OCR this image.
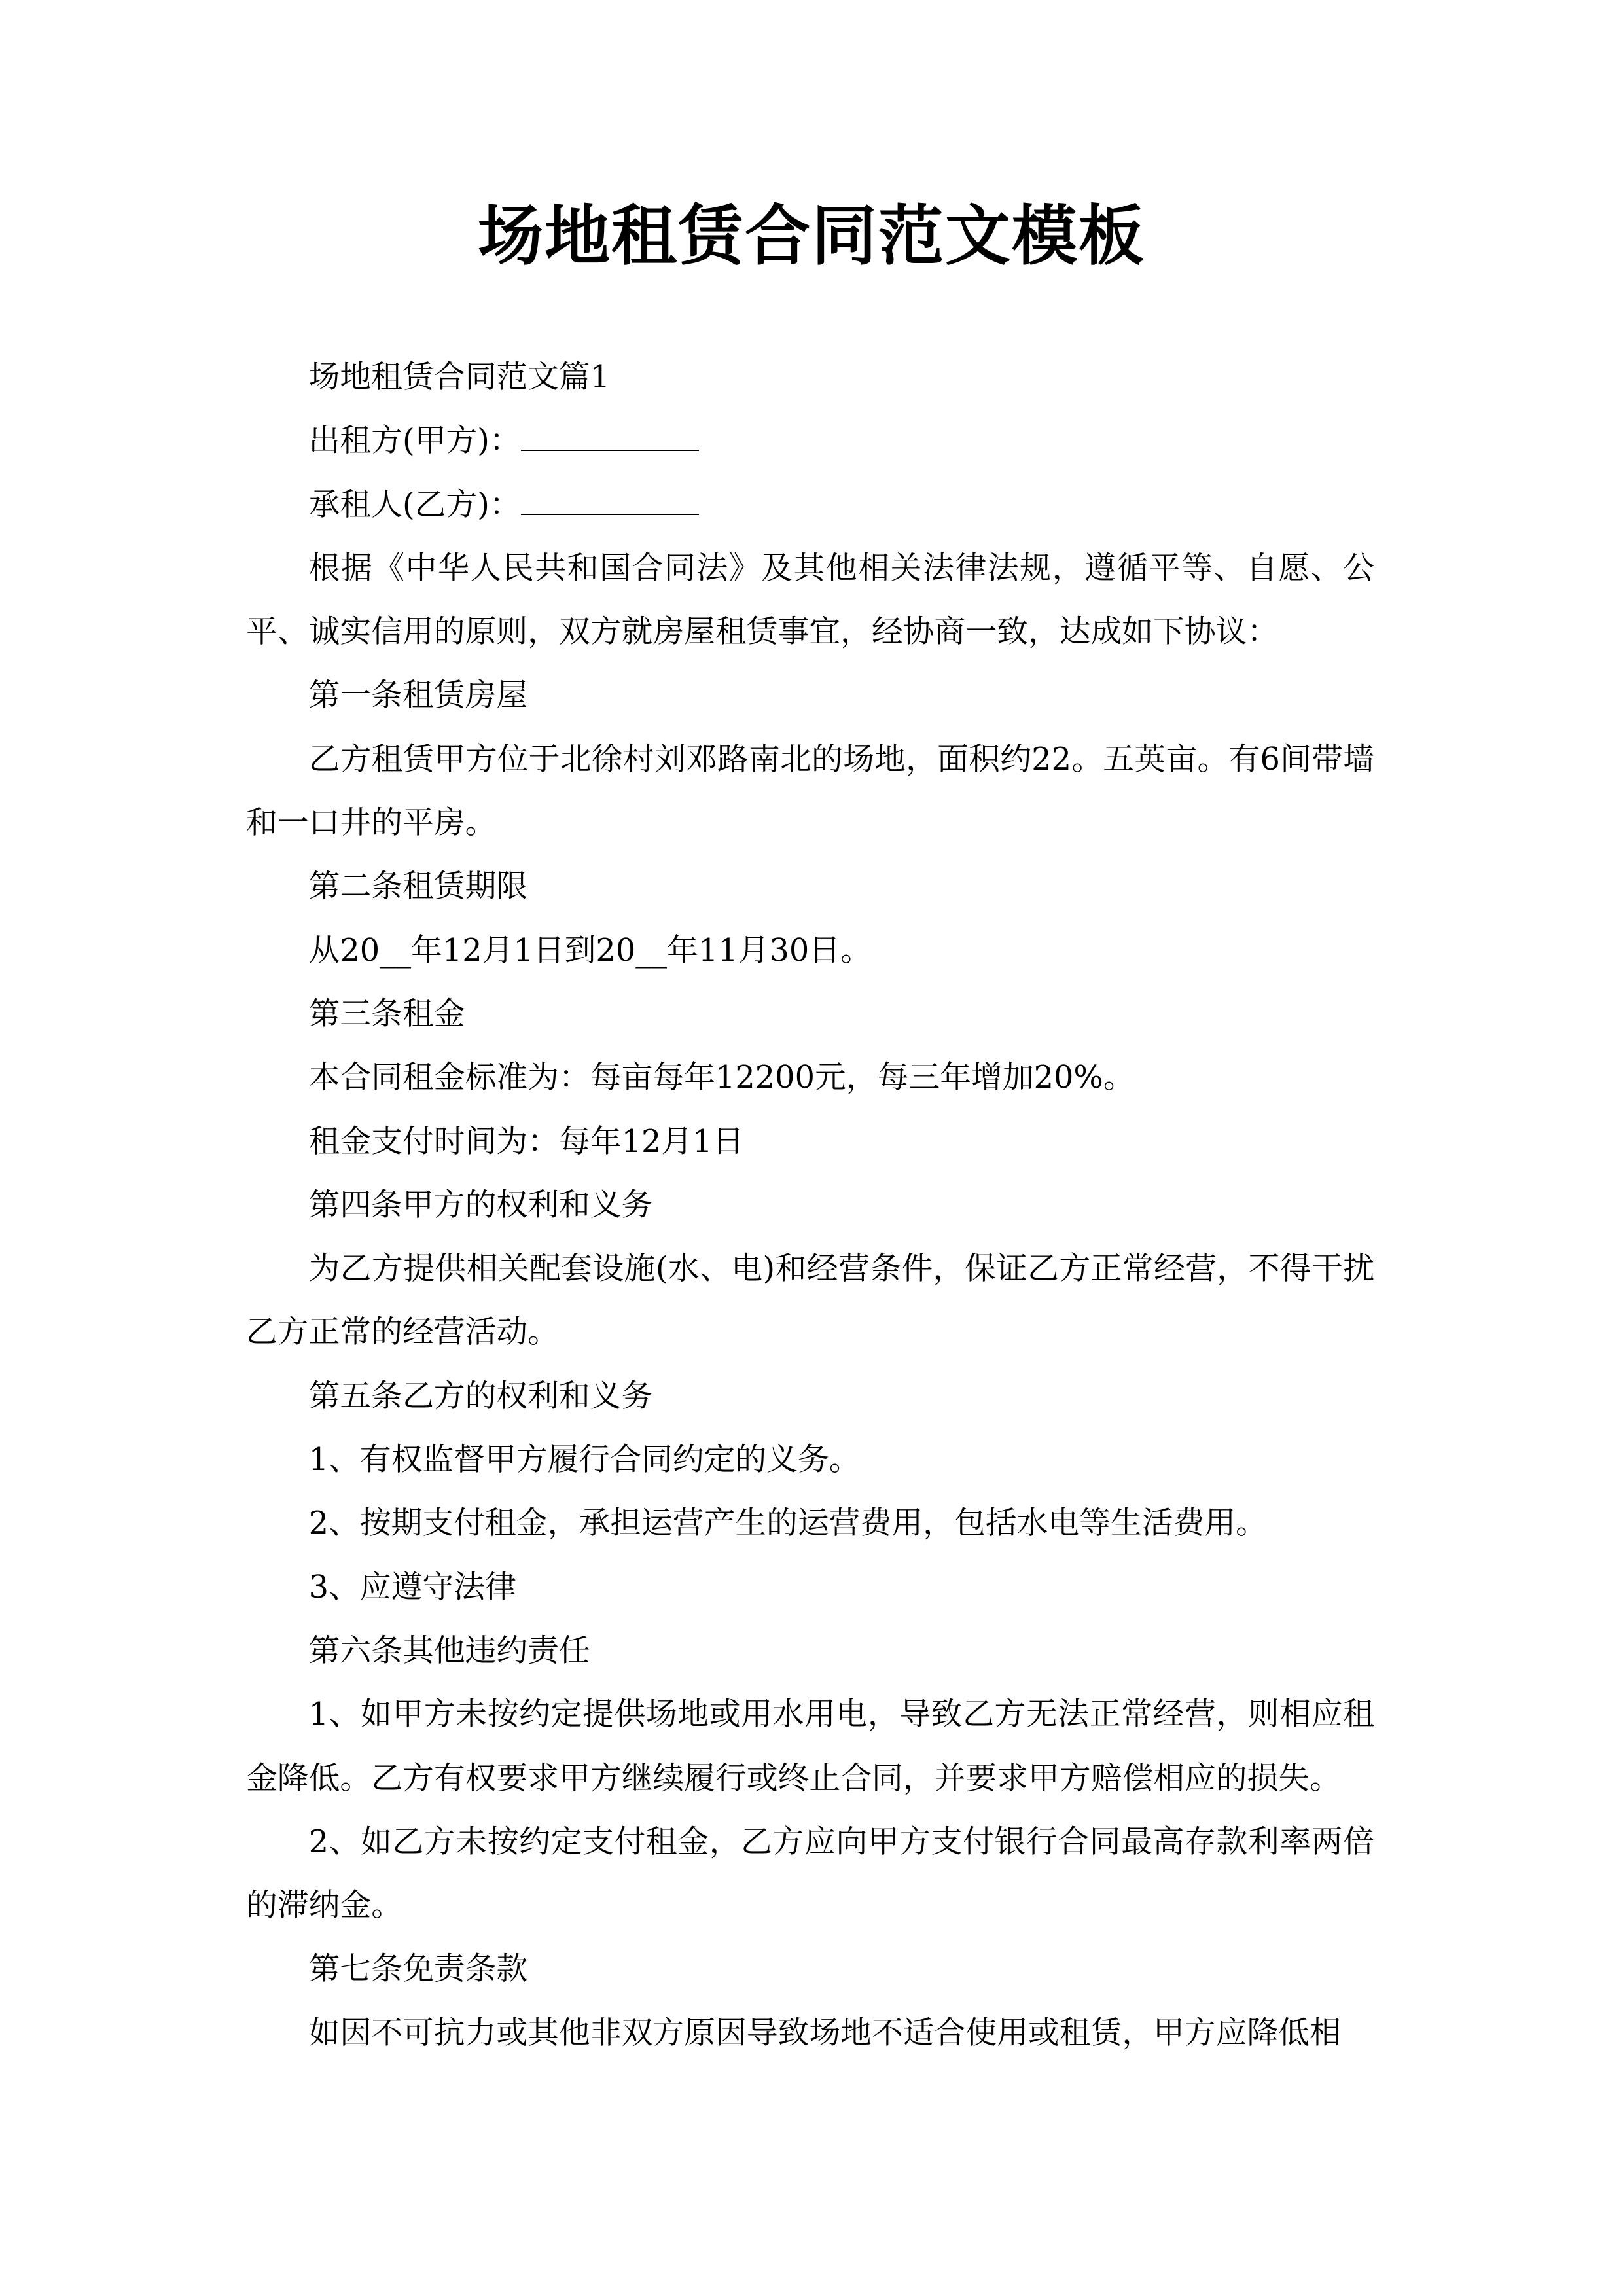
场地租赁合同范文模板

场地租赁合同范文篇1

出租方(甲方)：

承租人(乙方)：

根据《中华人民共和国合同法》及其他相关法律法规，遵循平等、自愿、公平、诚实信用的原则，双方就房屋租赁事宜，经协商一致，达成如下协议：

第一条租赁房屋

乙方租赁甲方位于北徐村刘邓路南北的场地，面积约22。五英亩。有6间带墙和一口井的平房。

第二条租赁期限

从20__年12月1日到20__年11月30日。

第三条租金

本合同租金标准为：每亩每年12200元，每三年增加20%。

租金支付时间为：每年12月1日

第四条甲方的权利和义务

为乙方提供相关配套设施(水、电)和经营条件，保证乙方正常经营，不得干扰乙方正常的经营活动。

第五条乙方的权利和义务

1、有权监督甲方履行合同约定的义务。

2、按期支付租金，承担运营产生的运营费用，包括水电等生活费用。

3、应遵守法律

第六条其他违约责任

1、如甲方未按约定提供场地或用水用电，导致乙方无法正常经营，则相应租金降低。乙方有权要求甲方继续履行或终止合同，并要求甲方赔偿相应的损失。

2、如乙方未按约定支付租金，乙方应向甲方支付银行合同最高存款利率两倍的滞纳金。

第七条免责条款

如因不可抗力或其他非双方原因导致场地不适合使用或租赁，甲方应降低相
